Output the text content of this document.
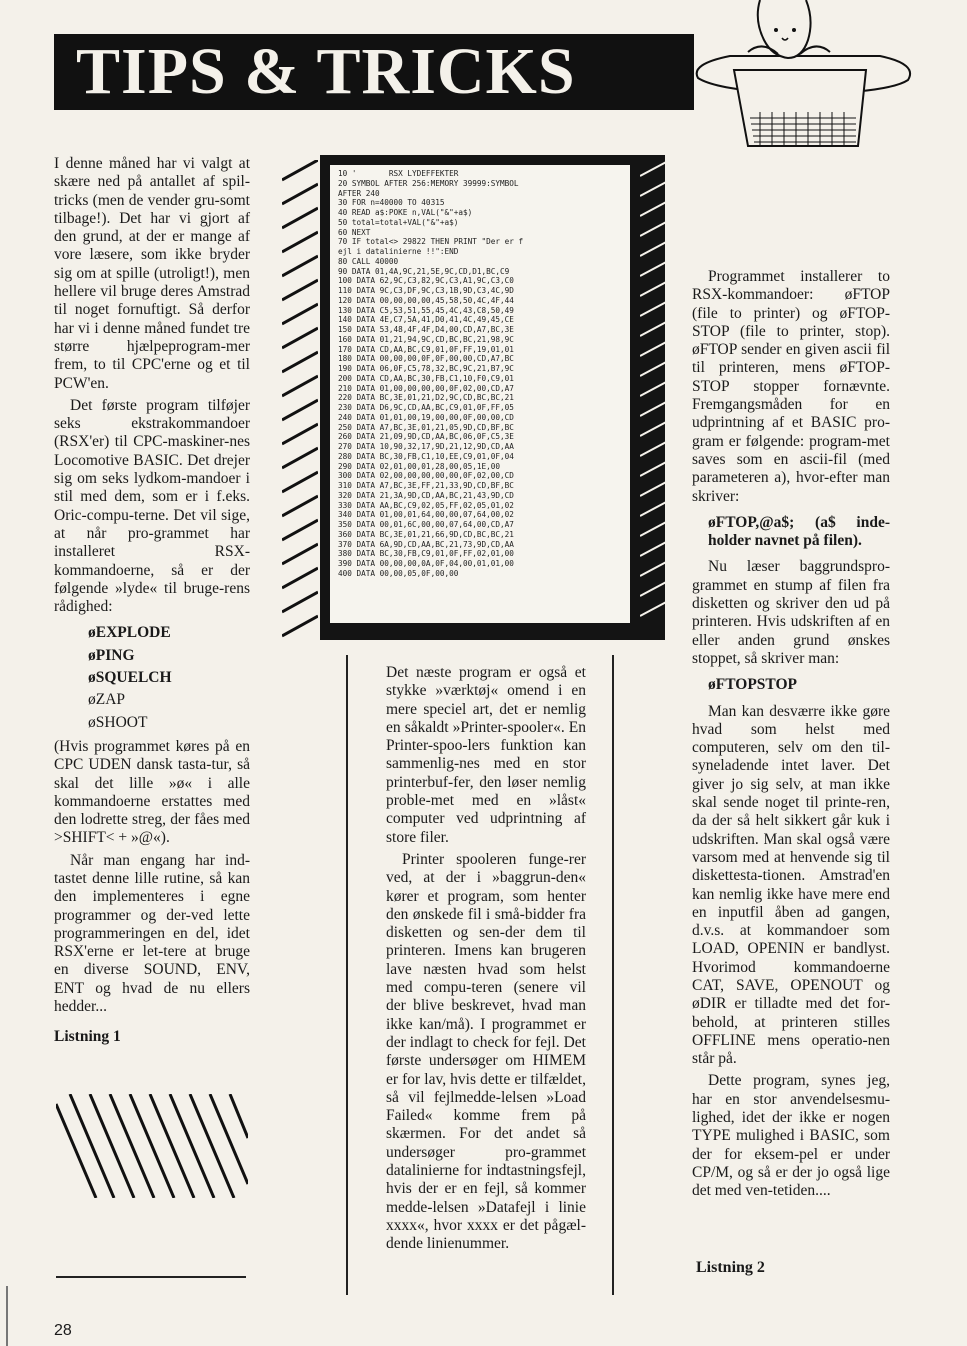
TIPS & TRICKS

I denne måned har vi valgt at skære ned på antallet af spil-tricks (men de vender gru-somt tilbage!). Det har vi gjort af den grund, at der er mange af vore læsere, som ikke bryder sig om at spille (utroligt!), men hellere vil bruge deres Amstrad til noget fornuftigt. Så derfor har vi i denne måned fundet tre større hjælpeprogram-mer frem, to til CPC'erne og et til PCW'en.

Det første program tilføjer seks ekstrakommandoer (RSX'er) til CPC-maskiner-nes Locomotive BASIC. Det drejer sig om seks lydkom-mandoer i stil med dem, som er i f.eks. Oric-compu-terne. Det vil sige, at når pro-grammet har installeret RSX-kommandoerne, så er der følgende »lyde« til bruge-rens rådighed:

øEXPLODE

øPING

øSQUELCH

øZAP

øSHOOT

(Hvis programmet køres på en CPC UDEN dansk tasta-tur, så skal det lille »ø« i alle kommandoerne erstattes med den lodrette streg, der fåes med >SHIFT< + »@«).

Når man engang har ind-tastet denne lille rutine, så kan den implementeres i egne programmer og der-ved lette programmeringen en del, idet RSX'erne er let-tere at bruge en diverse SOUND, ENV, ENT og hvad de nu ellers hedder...

Listning 1

10 '       RSX LYDEFFEKTER
20 SYMBOL AFTER 256:MEMORY 39999:SYMBOL
AFTER 240
30 FOR n=40000 TO 40315
40 READ a$:POKE n,VAL("&"+a$)
50 total=total+VAL("&"+a$)
60 NEXT
70 IF total<> 29822 THEN PRINT "Der er f
ejl i datalinierne !!":END
80 CALL 40000
90 DATA 01,4A,9C,21,5E,9C,CD,D1,BC,C9
100 DATA 62,9C,C3,82,9C,C3,A1,9C,C3,C0
110 DATA 9C,C3,DF,9C,C3,1B,9D,C3,4C,9D
120 DATA 00,00,00,00,45,58,50,4C,4F,44
130 DATA C5,53,51,55,45,4C,43,C8,50,49
140 DATA 4E,C7,5A,41,D0,41,4C,49,45,CE
150 DATA 53,48,4F,4F,D4,00,CD,A7,BC,3E
160 DATA 01,21,94,9C,CD,BC,BC,21,98,9C
170 DATA CD,AA,BC,C9,01,0F,FF,19,01,01
180 DATA 00,00,00,0F,0F,00,00,CD,A7,BC
190 DATA 06,0F,C5,78,32,BC,9C,21,B7,9C
200 DATA CD,AA,BC,30,FB,C1,10,F0,C9,01
210 DATA 01,00,00,00,00,0F,02,00,CD,A7
220 DATA BC,3E,01,21,D2,9C,CD,BC,BC,21
230 DATA D6,9C,CD,AA,BC,C9,01,0F,FF,05
240 DATA 01,01,00,19,00,00,0F,00,00,CD
250 DATA A7,BC,3E,01,21,05,9D,CD,BF,BC
260 DATA 21,09,9D,CD,AA,BC,06,0F,C5,3E
270 DATA 10,90,32,17,9D,21,12,9D,CD,AA
280 DATA BC,30,FB,C1,10,EE,C9,01,0F,04
290 DATA 02,01,00,01,28,00,05,1E,00
300 DATA 02,00,00,00,00,00,0F,02,00,CD
310 DATA A7,BC,3E,FF,21,33,9D,CD,BF,BC
320 DATA 21,3A,9D,CD,AA,BC,21,43,9D,CD
330 DATA AA,BC,C9,02,05,FF,02,05,01,02
340 DATA 01,00,01,64,00,00,07,64,00,02
350 DATA 00,01,6C,00,00,07,64,00,CD,A7
360 DATA BC,3E,01,21,66,9D,CD,BC,BC,21
370 DATA 6A,9D,CD,AA,BC,21,73,9D,CD,AA
380 DATA BC,30,FB,C9,01,0F,FF,02,01,00
390 DATA 00,00,00,0A,0F,04,00,01,01,00
400 DATA 00,00,05,0F,00,00

Det næste program er også et stykke »værktøj« omend i en mere speciel art, det er nemlig en såkaldt »Printer-spooler«. En Printer-spoo-lers funktion kan sammenlig-nes med en stor printerbuf-fer, den løser nemlig proble-met med en »låst« computer ved udprintning af store filer.

Printer spooleren funge-rer ved, at der i »baggrun-den« kører et program, som henter den ønskede fil i små-bidder fra disketten og sen-der dem til printeren. Imens kan brugeren lave næsten hvad som helst med compu-teren (senere vil der blive beskrevet, hvad man ikke kan/må). I programmet er der indlagt to check for fejl. Det første undersøger om HIMEM er for lav, hvis dette er tilfældet, så vil fejlmedde-lelsen »Load Failed« komme frem på skærmen. For det andet så undersøger pro-grammet datalinierne for indtastningsfejl, hvis der er en fejl, så kommer medde-lelsen »Datafejl i linie xxxx«, hvor xxxx er det pågæl-dende linienummer.

Programmet installerer to RSX-kommandoer: øFTOP (file to printer) og øFTOP-STOP (file to printer, stop). øFTOP sender en given ascii fil til printeren, mens øFTOP-STOP stopper fornævnte. Fremgangsmåden for en udprintning af et BASIC pro-gram er følgende: program-met saves som en ascii-fil (med parameteren a), hvor-efter man skriver:

øFTOP,@a$; (a$ inde-holder navnet på filen).

Nu læser baggrundspro-grammet en stump af filen fra disketten og skriver den ud på printeren. Hvis udskriften af en eller anden grund ønskes stoppet, så skriver man:

øFTOPSTOP

Man kan desværre ikke gøre hvad som helst med computeren, selv om den til-syneladende intet laver. Det giver jo sig selv, at man ikke skal sende noget til printe-ren, da der så helt sikkert går kuk i udskriften. Man skal også være varsom med at henvende sig til diskettesta-tionen. Amstrad'en kan nemlig ikke have mere end en inputfil åben ad gangen, d.v.s. at kommandoer som LOAD, OPENIN er bandlyst. Hvorimod kommandoerne CAT, SAVE, OPENOUT og øDIR er tilladte med det for-behold, at printeren stilles OFFLINE mens operatio-nen står på.

Dette program, synes jeg, har en stor anvendelsesmu-lighed, idet der ikke er nogen TYPE mulighed i BASIC, som der for eksem-pel er under CP/M, og så er der jo også lige det med ven-tetiden....

Listning 2
28
